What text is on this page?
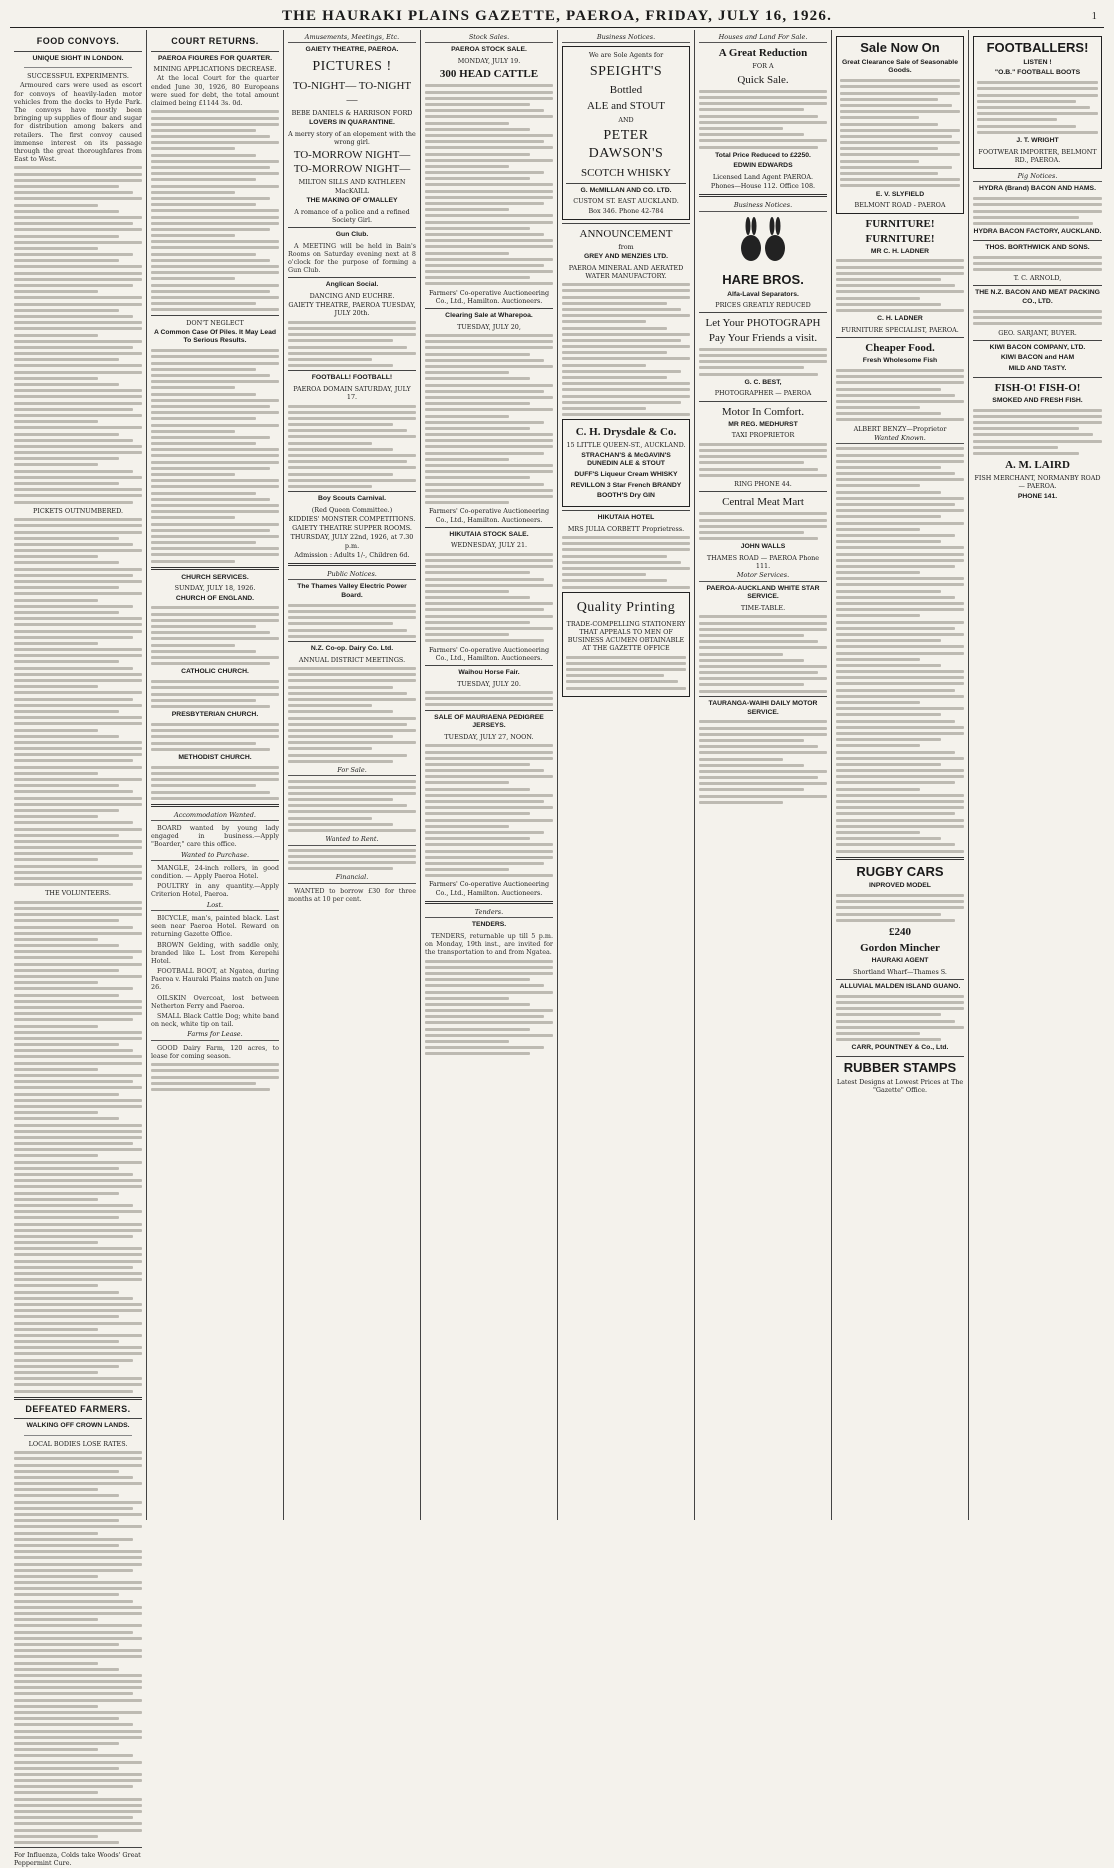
THE HAURAKI PLAINS GAZETTE, PAEROA, FRIDAY, JULY 16, 1926.	1
FOOD CONVOYS.
UNIQUE SIGHT IN LONDON.
SUCCESSFUL EXPERIMENTS.

Armoured cars were used as escort for convoys of heavily-laden motor vehicles from the docks to Hyde Park. The convoys have mostly been bringing up supplies of flour and sugar for distribution among bakers and retailers. The first convoy caused immense interest on its passage through the great thoroughfares from East to West.

PICKETS OUTNUMBERED.
THE VOLUNTEERS.
DEFEATED FARMERS.
WALKING OFF CROWN LANDS.
LOCAL BODIES LOSE RATES.
For Influenza, Colds take Woods' Great Peppermint Cure.
COURT RETURNS.
PAEROA FIGURES FOR QUARTER.
MINING APPLICATIONS DECREASE.

At the local Court for the quarter ended June 30, 1926, 80 Europeans were sued for debt, the total amount claimed being £1144 3s. 0d.

DON'T NEGLECT
A Common Case Of Piles. It May Lead To Serious Results.
CHURCH SERVICES.
SUNDAY, JULY 18, 1926.
CHURCH OF ENGLAND.
CATHOLIC CHURCH.
PRESBYTERIAN CHURCH.
METHODIST CHURCH.
Accommodation Wanted.

BOARD wanted by young lady engaged in business.—Apply "Boarder," care this office.

Wanted to Purchase.

MANGLE, 24-inch rollers, in good condition. — Apply Paeroa Hotel.

POULTRY in any quantity.—Apply Criterion Hotel, Paeroa.

Lost.

BICYCLE, man's, painted black. Last seen near Paeroa Hotel. Reward on returning Gazette Office.

BROWN Gelding, with saddle only, branded like L. Lost from Kerepehi Hotel.

FOOTBALL BOOT, at Ngatea, during Paeroa v. Hauraki Plains match on June 26.

OILSKIN Overcoat, lost between Netherton Ferry and Paeroa.

SMALL Black Cattle Dog; white band on neck, white tip on tail.

Farms for Lease.

GOOD Dairy Farm, 120 acres, to lease for coming season.

Amusements, Meetings, Etc.
GAIETY THEATRE, PAEROA.
PICTURES !
TO-NIGHT— TO-NIGHT—
BEBE DANIELS & HARRISON FORD
LOVERS IN QUARANTINE.
A merry story of an elopement with the wrong girl.
TO-MORROW NIGHT— TO-MORROW NIGHT—
MILTON SILLS AND KATHLEEN MacKAILL
THE MAKING OF O'MALLEY
A romance of a police and a refined Society Girl.
Gun Club.

A MEETING will be held in Bain's Rooms on Saturday evening next at 8 o'clock for the purpose of forming a Gun Club.

Anglican Social.
DANCING AND EUCHRE.
GAIETY THEATRE, PAEROA TUESDAY, JULY 20th.
FOOTBALL! FOOTBALL!
PAEROA DOMAIN SATURDAY, JULY 17.
Boy Scouts Carnival.
(Red Queen Committee.)
KIDDIES' MONSTER COMPETITIONS.
GAIETY THEATRE SUPPER ROOMS.
THURSDAY, JULY 22nd, 1926, at 7.30 p.m.
Admission : Adults 1/-, Children 6d.
Public Notices.
The Thames Valley Electric Power Board.
N.Z. Co-op. Dairy Co. Ltd.
ANNUAL DISTRICT MEETINGS.
For Sale.
Wanted to Rent.
Financial.

WANTED to borrow £30 for three months at 10 per cent.

Stock Sales.
PAEROA STOCK SALE.
MONDAY, JULY 19.
300 HEAD CATTLE
Farmers' Co-operative Auctioneering Co., Ltd., Hamilton. Auctioneers.
Clearing Sale at Wharepoa.
TUESDAY, JULY 20,
Farmers' Co-operative Auctioneering Co., Ltd., Hamilton. Auctioneers.
HIKUTAIA STOCK SALE.
WEDNESDAY, JULY 21.
Farmers' Co-operative Auctioneering Co., Ltd., Hamilton. Auctioneers.
Waihou Horse Fair.
TUESDAY, JULY 20.
SALE OF MAURIAENA PEDIGREE JERSEYS.
TUESDAY, JULY 27, NOON.
Farmers' Co-operative Auctioneering Co., Ltd., Hamilton. Auctioneers.
Tenders.
TENDERS.

TENDERS, returnable up till 5 p.m. on Monday, 19th inst., are invited for the transportation to and from Ngatea.

Business Notices.
We are Sole Agents for
SPEIGHT'S
Bottled
ALE and STOUT
AND
PETER DAWSON'S
SCOTCH WHISKY
G. McMILLAN AND CO. LTD.
CUSTOM ST. EAST AUCKLAND.
Box 346. Phone 42-784
ANNOUNCEMENT
from
GREY AND MENZIES LTD.
PAEROA MINERAL AND AERATED WATER MANUFACTORY.
C. H. Drysdale & Co.
15 LITTLE QUEEN-ST., AUCKLAND.
STRACHAN'S & McGAVIN'S DUNEDIN ALE & STOUT
DUFF'S Liqueur Cream WHISKY
REVILLON 3 Star French BRANDY
BOOTH'S Dry GIN
HIKUTAIA HOTEL
MRS JULIA CORBETT Proprietress.
Quality Printing
TRADE-COMPELLING STATIONERY THAT APPEALS TO MEN OF BUSINESS ACUMEN OBTAINABLE AT THE GAZETTE OFFICE
Houses and Land For Sale.
A Great Reduction
FOR A
Quick Sale.
Total Price Reduced to £2250.
EDWIN EDWARDS
Licensed Land Agent PAEROA.
Phones—House 112. Office 108.
Business Notices.
HARE BROS.
Alfa-Laval Separators.
PRICES GREATLY REDUCED
Let Your PHOTOGRAPH Pay Your Friends a visit.
G. C. BEST,
PHOTOGRAPHER — PAEROA
Motor In Comfort.
MR REG. MEDHURST
TAXI PROPRIETOR
RING PHONE 44.
Central Meat Mart
JOHN WALLS
THAMES ROAD — PAEROA Phone 111.
Motor Services.
PAEROA-AUCKLAND WHITE STAR SERVICE.
TIME-TABLE.
TAURANGA-WAIHI DAILY MOTOR SERVICE.
Sale Now On
Great Clearance Sale of Seasonable Goods.
E. V. SLYFIELD
BELMONT ROAD - PAEROA
FURNITURE! FURNITURE!
MR C. H. LADNER
C. H. LADNER
FURNITURE SPECIALIST, PAEROA.
Cheaper Food.
Fresh Wholesome Fish
ALBERT BENZY—Proprietor
Wanted Known.
RUGBY CARS
INPROVED MODEL
£240
Gordon Mincher
HAURAKI AGENT
Shortland Wharf—Thames S.
ALLUVIAL MALDEN ISLAND GUANO.
CARR, POUNTNEY & Co., Ltd.
RUBBER STAMPS
Latest Designs at Lowest Prices at The "Gazette" Office.
FOOTBALLERS!
LISTEN !
"O.B." FOOTBALL BOOTS
J. T. WRIGHT
FOOTWEAR IMPORTER, BELMONT RD., PAEROA.
Pig Notices.
HYDRA (Brand) BACON AND HAMS.
HYDRA BACON FACTORY, AUCKLAND.
THOS. BORTHWICK AND SONS.
T. C. ARNOLD,
THE N.Z. BACON AND MEAT PACKING CO., LTD.
GEO. SARJANT, BUYER.
KIWI BACON COMPANY, LTD.
KIWI BACON and HAM
MILD AND TASTY.
FISH-O! FISH-O!
SMOKED AND FRESH FISH.
A. M. LAIRD
FISH MERCHANT, NORMANBY ROAD — PAEROA.
PHONE 141.
